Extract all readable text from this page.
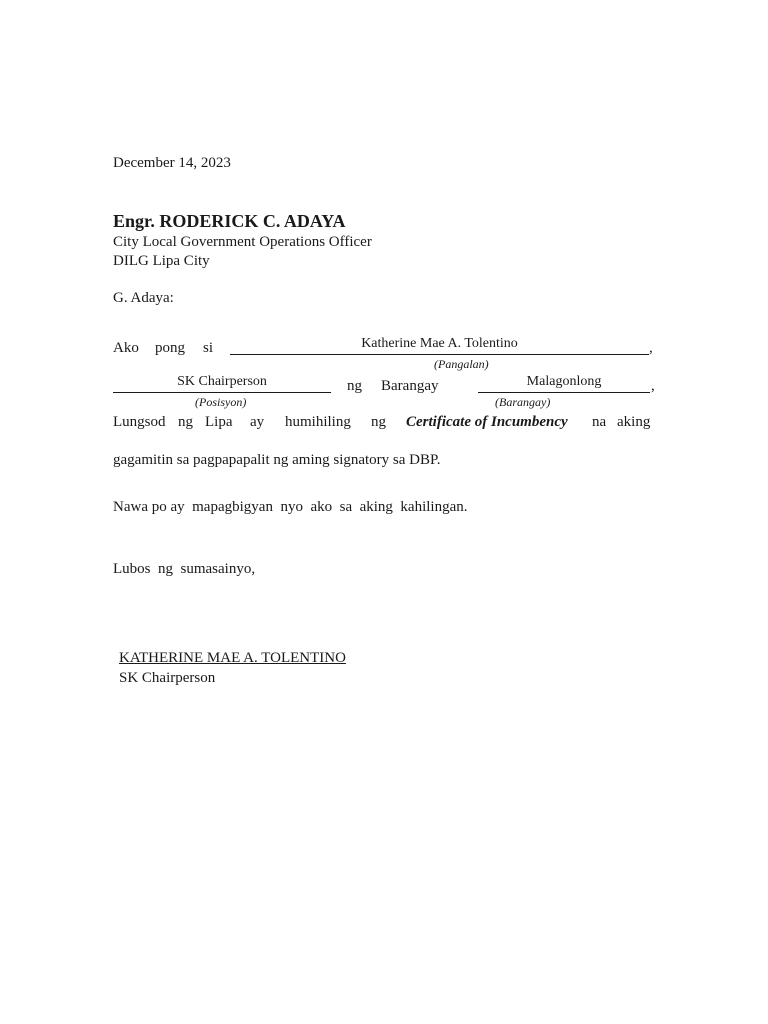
December 14, 2023
Engr. RODERICK C. ADAYA
City Local Government Operations Officer
DILG Lipa City
G. Adaya:
Ako pong si	Katherine Mae A. Tolentino	,
(Pangalan)
SK Chairperson	ng Barangay	Malagonlong	,
(Posisyon)	(Barangay)
Lungsod ng Lipa ay humihiling ng Certificate of Incumbency na aking
gagamitin sa pagpapapalit ng aming signatory sa DBP.
Nawa po ay  mapagbigyan  nyo  ako  sa  aking  kahilingan.
Lubos  ng  sumasainyo,
KATHERINE MAE A. TOLENTINO
SK Chairperson
